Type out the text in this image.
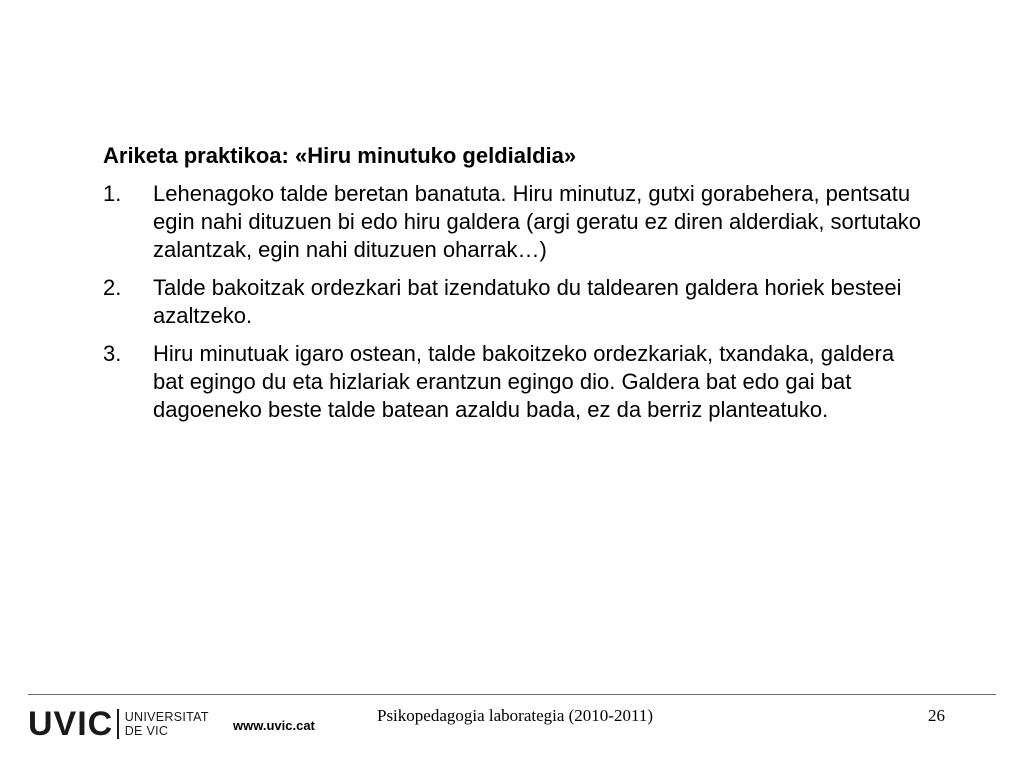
Ariketa praktikoa: «Hiru minutuko geldialdia»
1.	Lehenagoko talde beretan banatuta. Hiru minutuz, gutxi gorabehera, pentsatu egin nahi dituzuen bi edo hiru galdera (argi geratu ez diren alderdiak, sortutako zalantzak, egin nahi dituzuen oharrak…)
2.	Talde bakoitzak ordezkari bat izendatuko du taldearen galdera horiek besteei azaltzeko.
3.	Hiru minutuak igaro ostean, talde bakoitzeko ordezkariak, txandaka, galdera bat egingo du eta hizlariak erantzun egingo dio. Galdera bat edo gai bat dagoeneko beste talde batean azaldu bada, ez da berriz planteatuko.
UVIC UNIVERSITAT
DE VIC	www.uvic.cat
Psikopedagogia laborategia (2010-2011)	26
